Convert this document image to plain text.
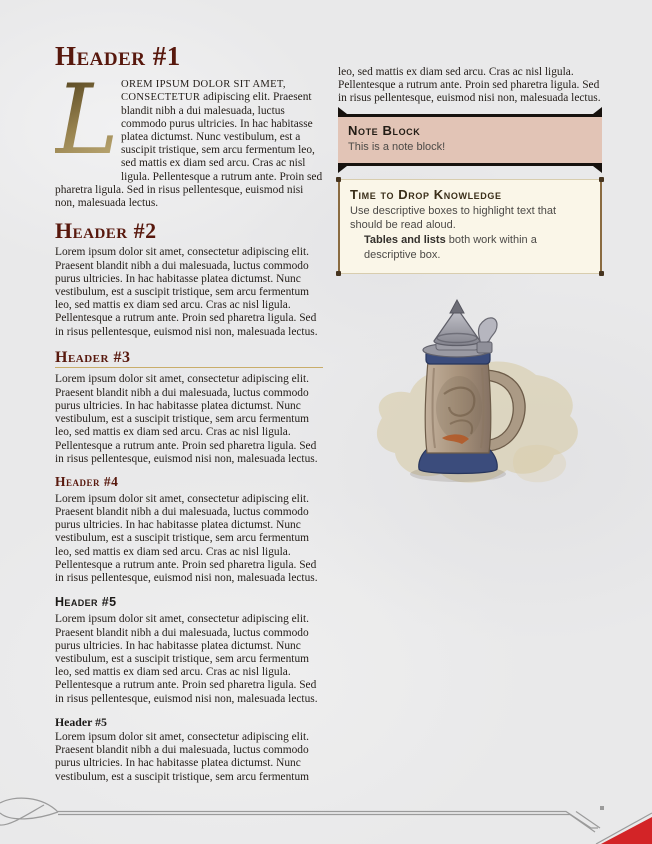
Header #1

L OREM IPSUM DOLOR SIT AMET, CONSECTETUR adipiscing elit. Praesent blandit nibh a dui malesuada, luctus commodo purus ultricies. In hac habitasse platea dictumst. Nunc vestibulum, est a suscipit tristique, sem arcu fermentum leo, sed mattis ex diam sed arcu. Cras ac nisl ligula. Pellentesque a rutrum ante. Proin sed pharetra ligula. Sed in risus pellentesque, euismod nisi non, malesuada lectus.

Header #2

Lorem ipsum dolor sit amet, consectetur adipiscing elit. Praesent blandit nibh a dui malesuada, luctus commodo purus ultricies. In hac habitasse platea dictumst. Nunc vestibulum, est a suscipit tristique, sem arcu fermentum leo, sed mattis ex diam sed arcu. Cras ac nisl ligula. Pellentesque a rutrum ante. Proin sed pharetra ligula. Sed in risus pellentesque, euismod nisi non, malesuada lectus.

Header #3

Lorem ipsum dolor sit amet, consectetur adipiscing elit. Praesent blandit nibh a dui malesuada, luctus commodo purus ultricies. In hac habitasse platea dictumst. Nunc vestibulum, est a suscipit tristique, sem arcu fermentum leo, sed mattis ex diam sed arcu. Cras ac nisl ligula. Pellentesque a rutrum ante. Proin sed pharetra ligula. Sed in risus pellentesque, euismod nisi non, malesuada lectus.

Header #4

Lorem ipsum dolor sit amet, consectetur adipiscing elit. Praesent blandit nibh a dui malesuada, luctus commodo purus ultricies. In hac habitasse platea dictumst. Nunc vestibulum, est a suscipit tristique, sem arcu fermentum leo, sed mattis ex diam sed arcu. Cras ac nisl ligula. Pellentesque a rutrum ante. Proin sed pharetra ligula. Sed in risus pellentesque, euismod nisi non, malesuada lectus.

Header #5

Lorem ipsum dolor sit amet, consectetur adipiscing elit. Praesent blandit nibh a dui malesuada, luctus commodo purus ultricies. In hac habitasse platea dictumst. Nunc vestibulum, est a suscipit tristique, sem arcu fermentum leo, sed mattis ex diam sed arcu. Cras ac nisl ligula. Pellentesque a rutrum ante. Proin sed pharetra ligula. Sed in risus pellentesque, euismod nisi non, malesuada lectus.

Header #5

Lorem ipsum dolor sit amet, consectetur adipiscing elit. Praesent blandit nibh a dui malesuada, luctus commodo purus ultricies. In hac habitasse platea dictumst. Nunc vestibulum, est a suscipit tristique, sem arcu fermentum

leo, sed mattis ex diam sed arcu. Cras ac nisl ligula. Pellentesque a rutrum ante. Proin sed pharetra ligula. Sed in risus pellentesque, euismod nisi non, malesuada lectus.

Note Block
This is a note block!
Time to Drop Knowledge
Use descriptive boxes to highlight text that should be read aloud.
Tables and lists both work within a descriptive box.
